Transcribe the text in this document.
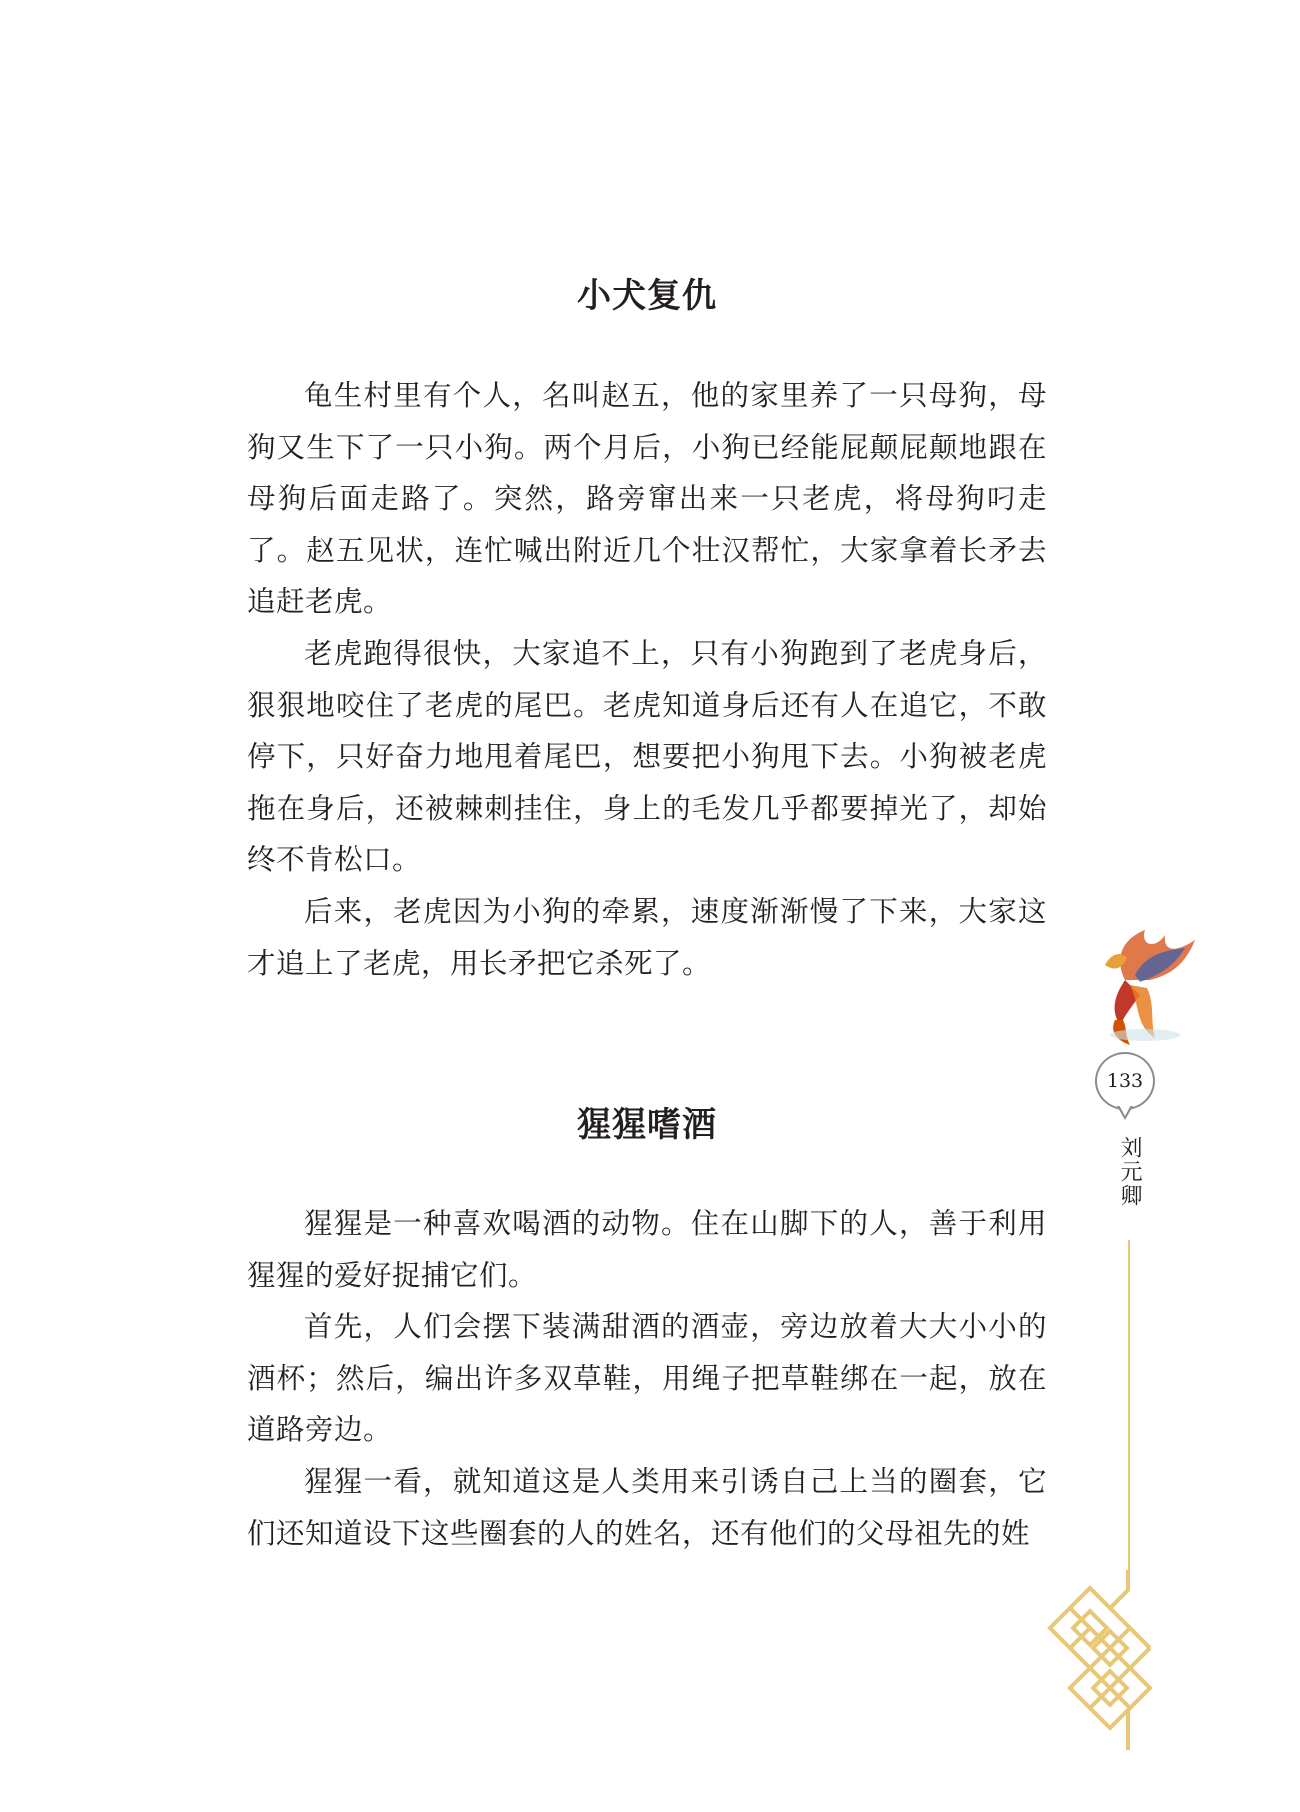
小犬复仇

龟生村里有个人，名叫赵五，他的家里养了一只母狗，母狗又生下了一只小狗。两个月后，小狗已经能屁颠屁颠地跟在母狗后面走路了。突然，路旁窜出来一只老虎，将母狗叼走了。赵五见状，连忙喊出附近几个壮汉帮忙，大家拿着长矛去追赶老虎。

老虎跑得很快，大家追不上，只有小狗跑到了老虎身后，狠狠地咬住了老虎的尾巴。老虎知道身后还有人在追它，不敢停下，只好奋力地甩着尾巴，想要把小狗甩下去。小狗被老虎拖在身后，还被棘刺挂住，身上的毛发几乎都要掉光了，却始终不肯松口。

后来，老虎因为小狗的牵累，速度渐渐慢了下来，大家这才追上了老虎，用长矛把它杀死了。

猩猩嗜酒

猩猩是一种喜欢喝酒的动物。住在山脚下的人，善于利用猩猩的爱好捉捕它们。

首先，人们会摆下装满甜酒的酒壶，旁边放着大大小小的酒杯；然后，编出许多双草鞋，用绳子把草鞋绑在一起，放在道路旁边。

猩猩一看，就知道这是人类用来引诱自己上当的圈套，它们还知道设下这些圈套的人的姓名，还有他们的父母祖先的姓

133
刘元卿
